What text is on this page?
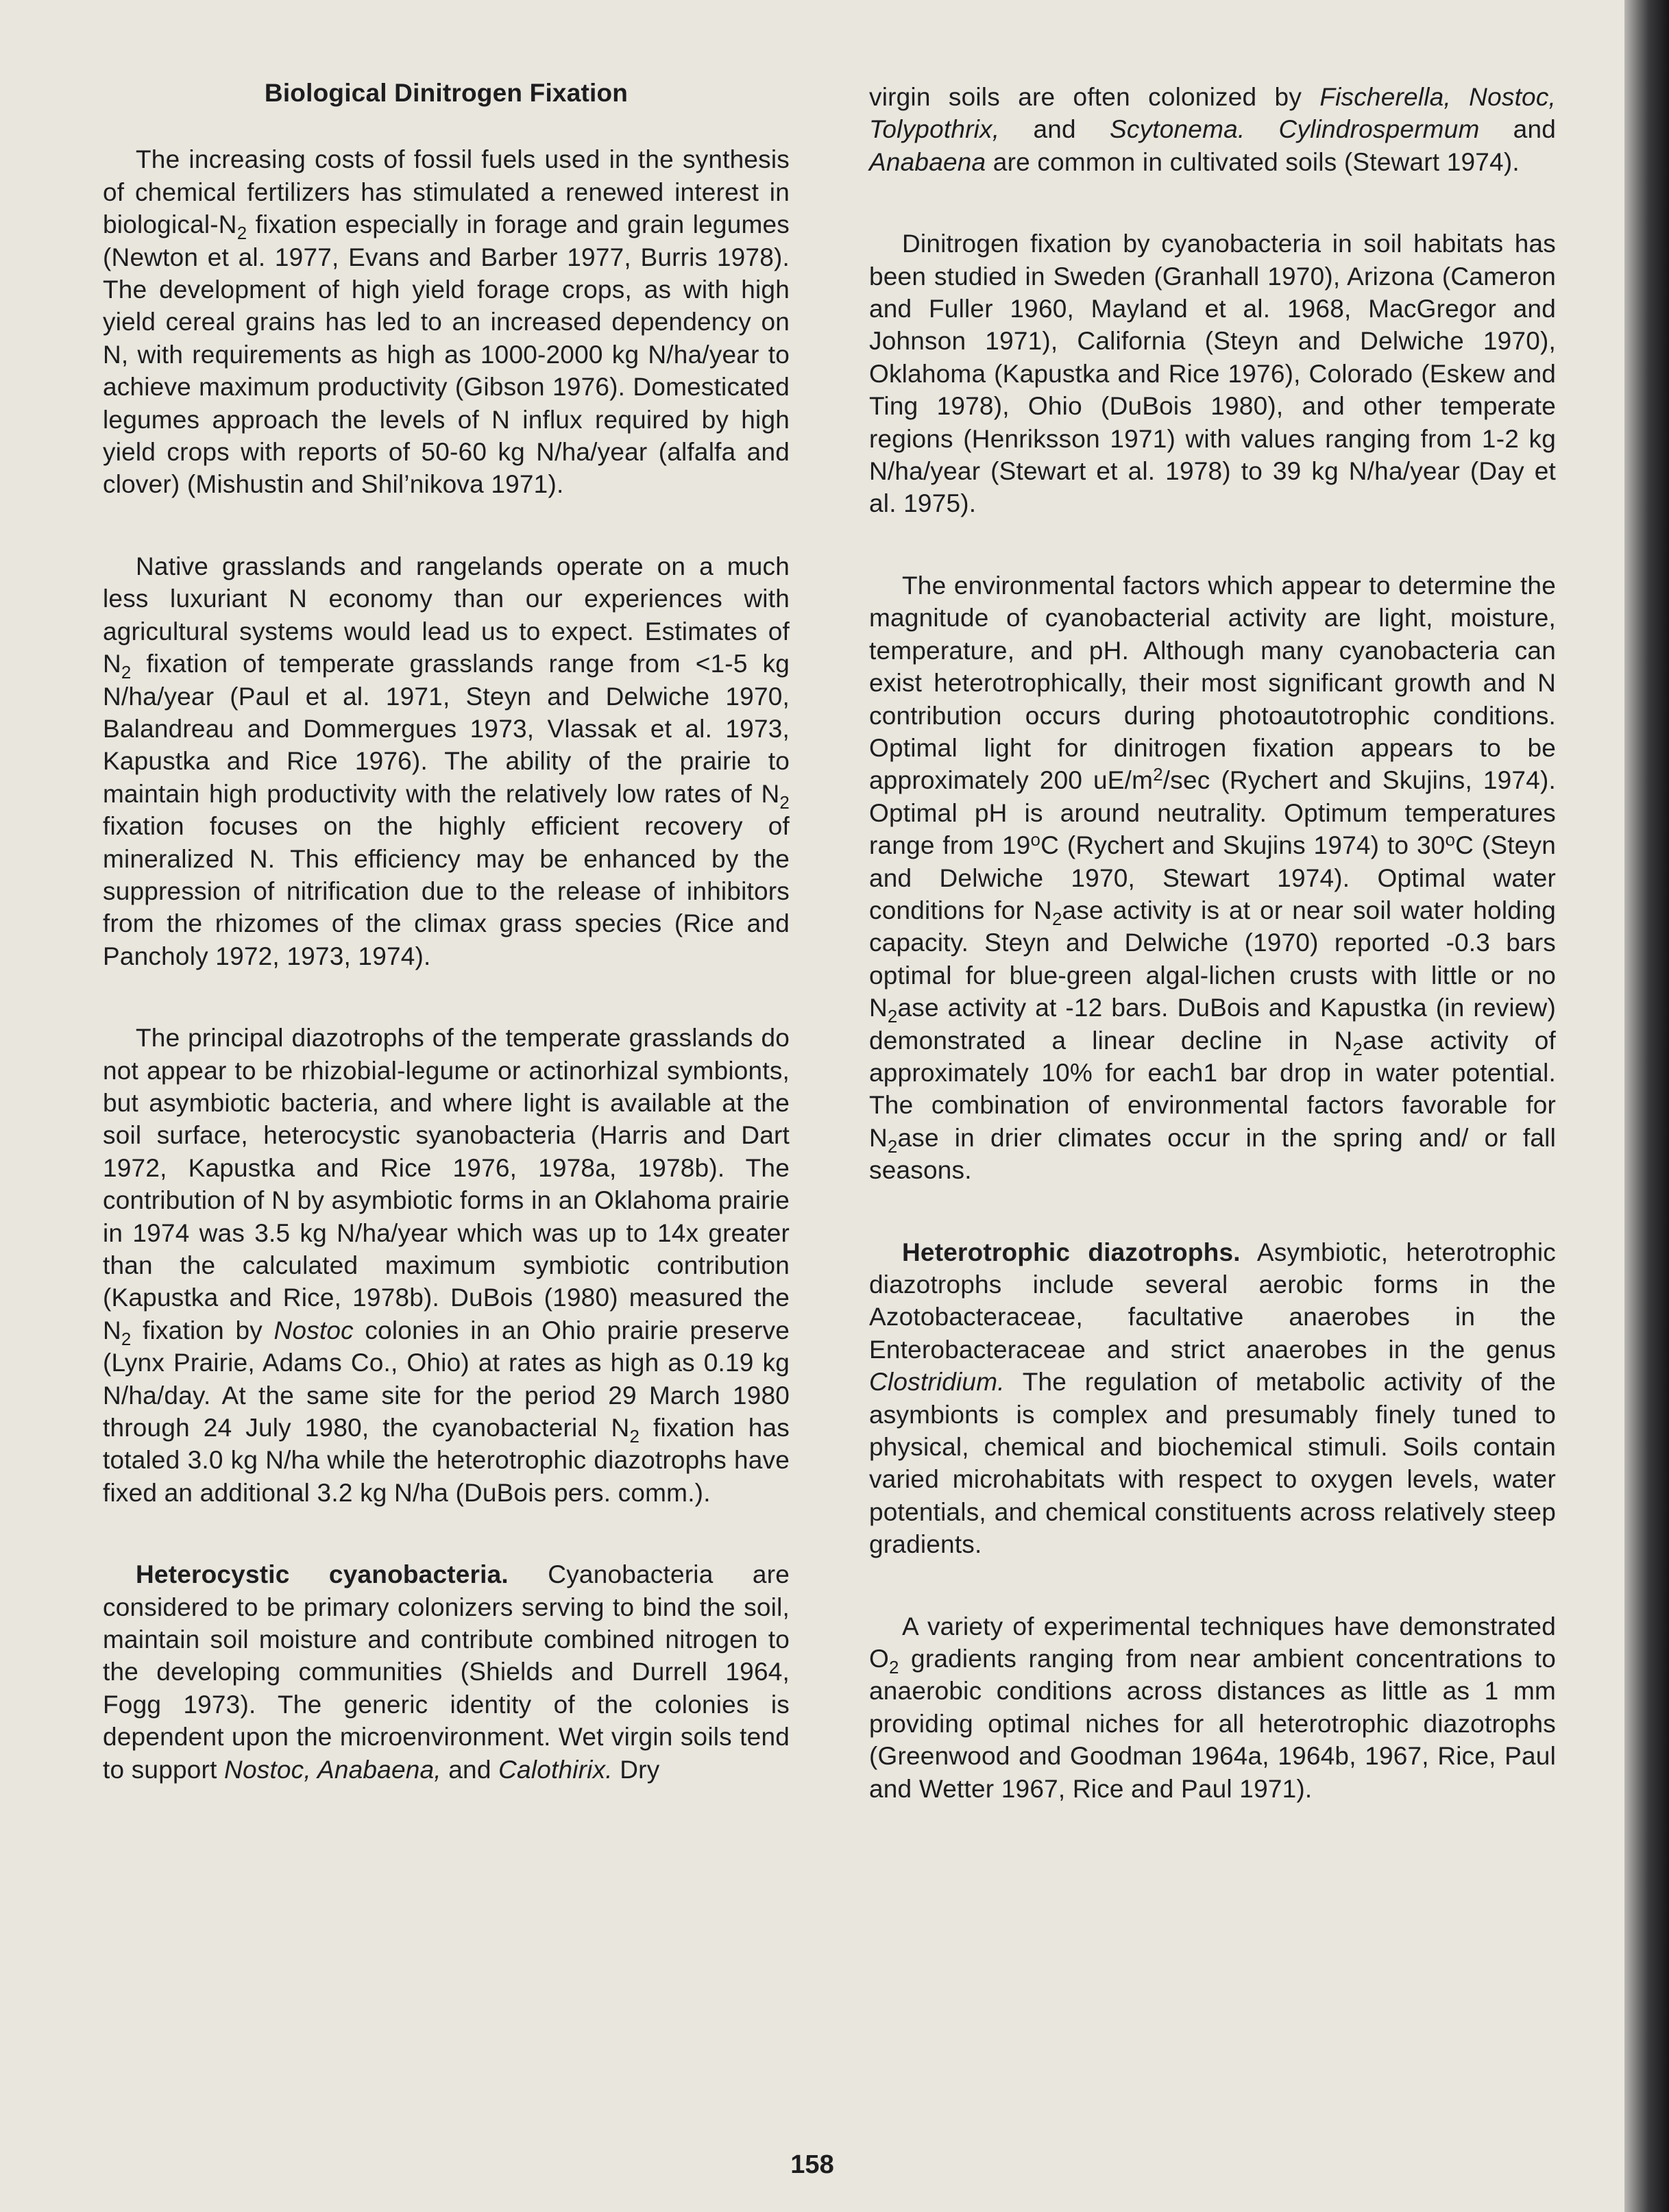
Biological Dinitrogen Fixation

The increasing costs of fossil fuels used in the synthesis of chemical fertilizers has stimulated a renewed interest in biological-$N_2$ fixation especially in forage and grain legumes (Newton et al. 1977, Evans and Barber 1977, Burris 1978). The development of high yield forage crops, as with high yield cereal grains has led to an increased dependency on N, with requirements as high as 1000-2000 kg N/ha/year to achieve maximum productivity (Gibson 1976). Domesticated legumes approach the levels of N influx required by high yield crops with reports of 50-60 kg N/ha/year (alfalfa and clover) (Mishustin and Shil’nikova 1971).

Native grasslands and rangelands operate on a much less luxuriant N economy than our experiences with agricultural systems would lead us to expect. Estimates of $N_2$ fixation of temperate grasslands range from <1-5 kg N/ha/year (Paul et al. 1971, Steyn and Delwiche 1970, Balandreau and Dommergues 1973, Vlassak et al. 1973, Kapustka and Rice 1976). The ability of the prairie to maintain high productivity with the relatively low rates of $N_2$ fixation focuses on the highly efficient recovery of mineralized N. This efficiency may be enhanced by the suppression of nitrification due to the release of inhibitors from the rhizomes of the climax grass species (Rice and Pancholy 1972, 1973, 1974).

The principal diazotrophs of the temperate grasslands do not appear to be rhizobial-legume or actinorhizal symbionts, but asymbiotic bacteria, and where light is available at the soil surface, heterocystic syanobacteria (Harris and Dart 1972, Kapustka and Rice 1976, 1978a, 1978b). The contribution of N by asymbiotic forms in an Oklahoma prairie in 1974 was 3.5 kg N/ha/year which was up to 14x greater than the calculated maximum symbiotic contribution (Kapustka and Rice, 1978b). DuBois (1980) measured the $N_2$ fixation by Nostoc colonies in an Ohio prairie preserve (Lynx Prairie, Adams Co., Ohio) at rates as high as 0.19 kg N/ha/day. At the same site for the period 29 March 1980 through 24 July 1980, the cyanobacterial $N_2$ fixation has totaled 3.0 kg N/ha while the heterotrophic diazotrophs have fixed an additional 3.2 kg N/ha (DuBois pers. comm.).

Heterocystic cyanobacteria. Cyanobacteria are considered to be primary colonizers serving to bind the soil, maintain soil moisture and contribute combined nitrogen to the developing communities (Shields and Durrell 1964, Fogg 1973). The generic identity of the colonies is dependent upon the microenvironment. Wet virgin soils tend to support Nostoc, Anabaena, and Calothirix. Dry

virgin soils are often colonized by Fischerella, Nostoc, Tolypothrix, and Scytonema. Cylindrospermum and Anabaena are common in cultivated soils (Stewart 1974).

Dinitrogen fixation by cyanobacteria in soil habitats has been studied in Sweden (Granhall 1970), Arizona (Cameron and Fuller 1960, Mayland et al. 1968, MacGregor and Johnson 1971), California (Steyn and Delwiche 1970), Oklahoma (Kapustka and Rice 1976), Colorado (Eskew and Ting 1978), Ohio (DuBois 1980), and other temperate regions (Henriksson 1971) with values ranging from 1-2 kg N/ha/year (Stewart et al. 1978) to 39 kg N/ha/year (Day et al. 1975).

The environmental factors which appear to determine the magnitude of cyanobacterial activity are light, moisture, temperature, and pH. Although many cyanobacteria can exist heterotrophically, their most significant growth and N contribution occurs during photoautotrophic conditions. Optimal light for dinitrogen fixation appears to be approximately 200 $uE/m^2/\sec$ (Rychert and Skujins, 1974). Optimal pH is around neutrality. Optimum temperatures range from 19$^o$C (Rychert and Skujins 1974) to 30$^o$C (Steyn and Delwiche 1970, Stewart 1974). Optimal water conditions for $N_2ase$ activity is at or near soil water holding capacity. Steyn and Delwiche (1970) reported -0.3 bars optimal for blue-green algal-lichen crusts with little or no $N_2ase$ activity at -12 bars. DuBois and Kapustka (in review) demonstrated a linear decline in $N_2ase$ activity of approximately 10% for each1 bar drop in water potential. The combination of environmental factors favorable for $N_2ase$ in drier climates occur in the spring and/ or fall seasons.

Heterotrophic diazotrophs. Asymbiotic, heterotrophic diazotrophs include several aerobic forms in the Azotobacteraceae, facultative anaerobes in the Enterobacteraceae and strict anaerobes in the genus Clostridium. The regulation of metabolic activity of the asymbionts is complex and presumably finely tuned to physical, chemical and biochemical stimuli. Soils contain varied microhabitats with respect to oxygen levels, water potentials, and chemical constituents across relatively steep gradients.

A variety of experimental techniques have demonstrated $O_2$ gradients ranging from near ambient concentrations to anaerobic conditions across distances as little as 1 mm providing optimal niches for all heterotrophic diazotrophs (Greenwood and Goodman 1964a, 1964b, 1967, Rice, Paul and Wetter 1967, Rice and Paul 1971).

158
